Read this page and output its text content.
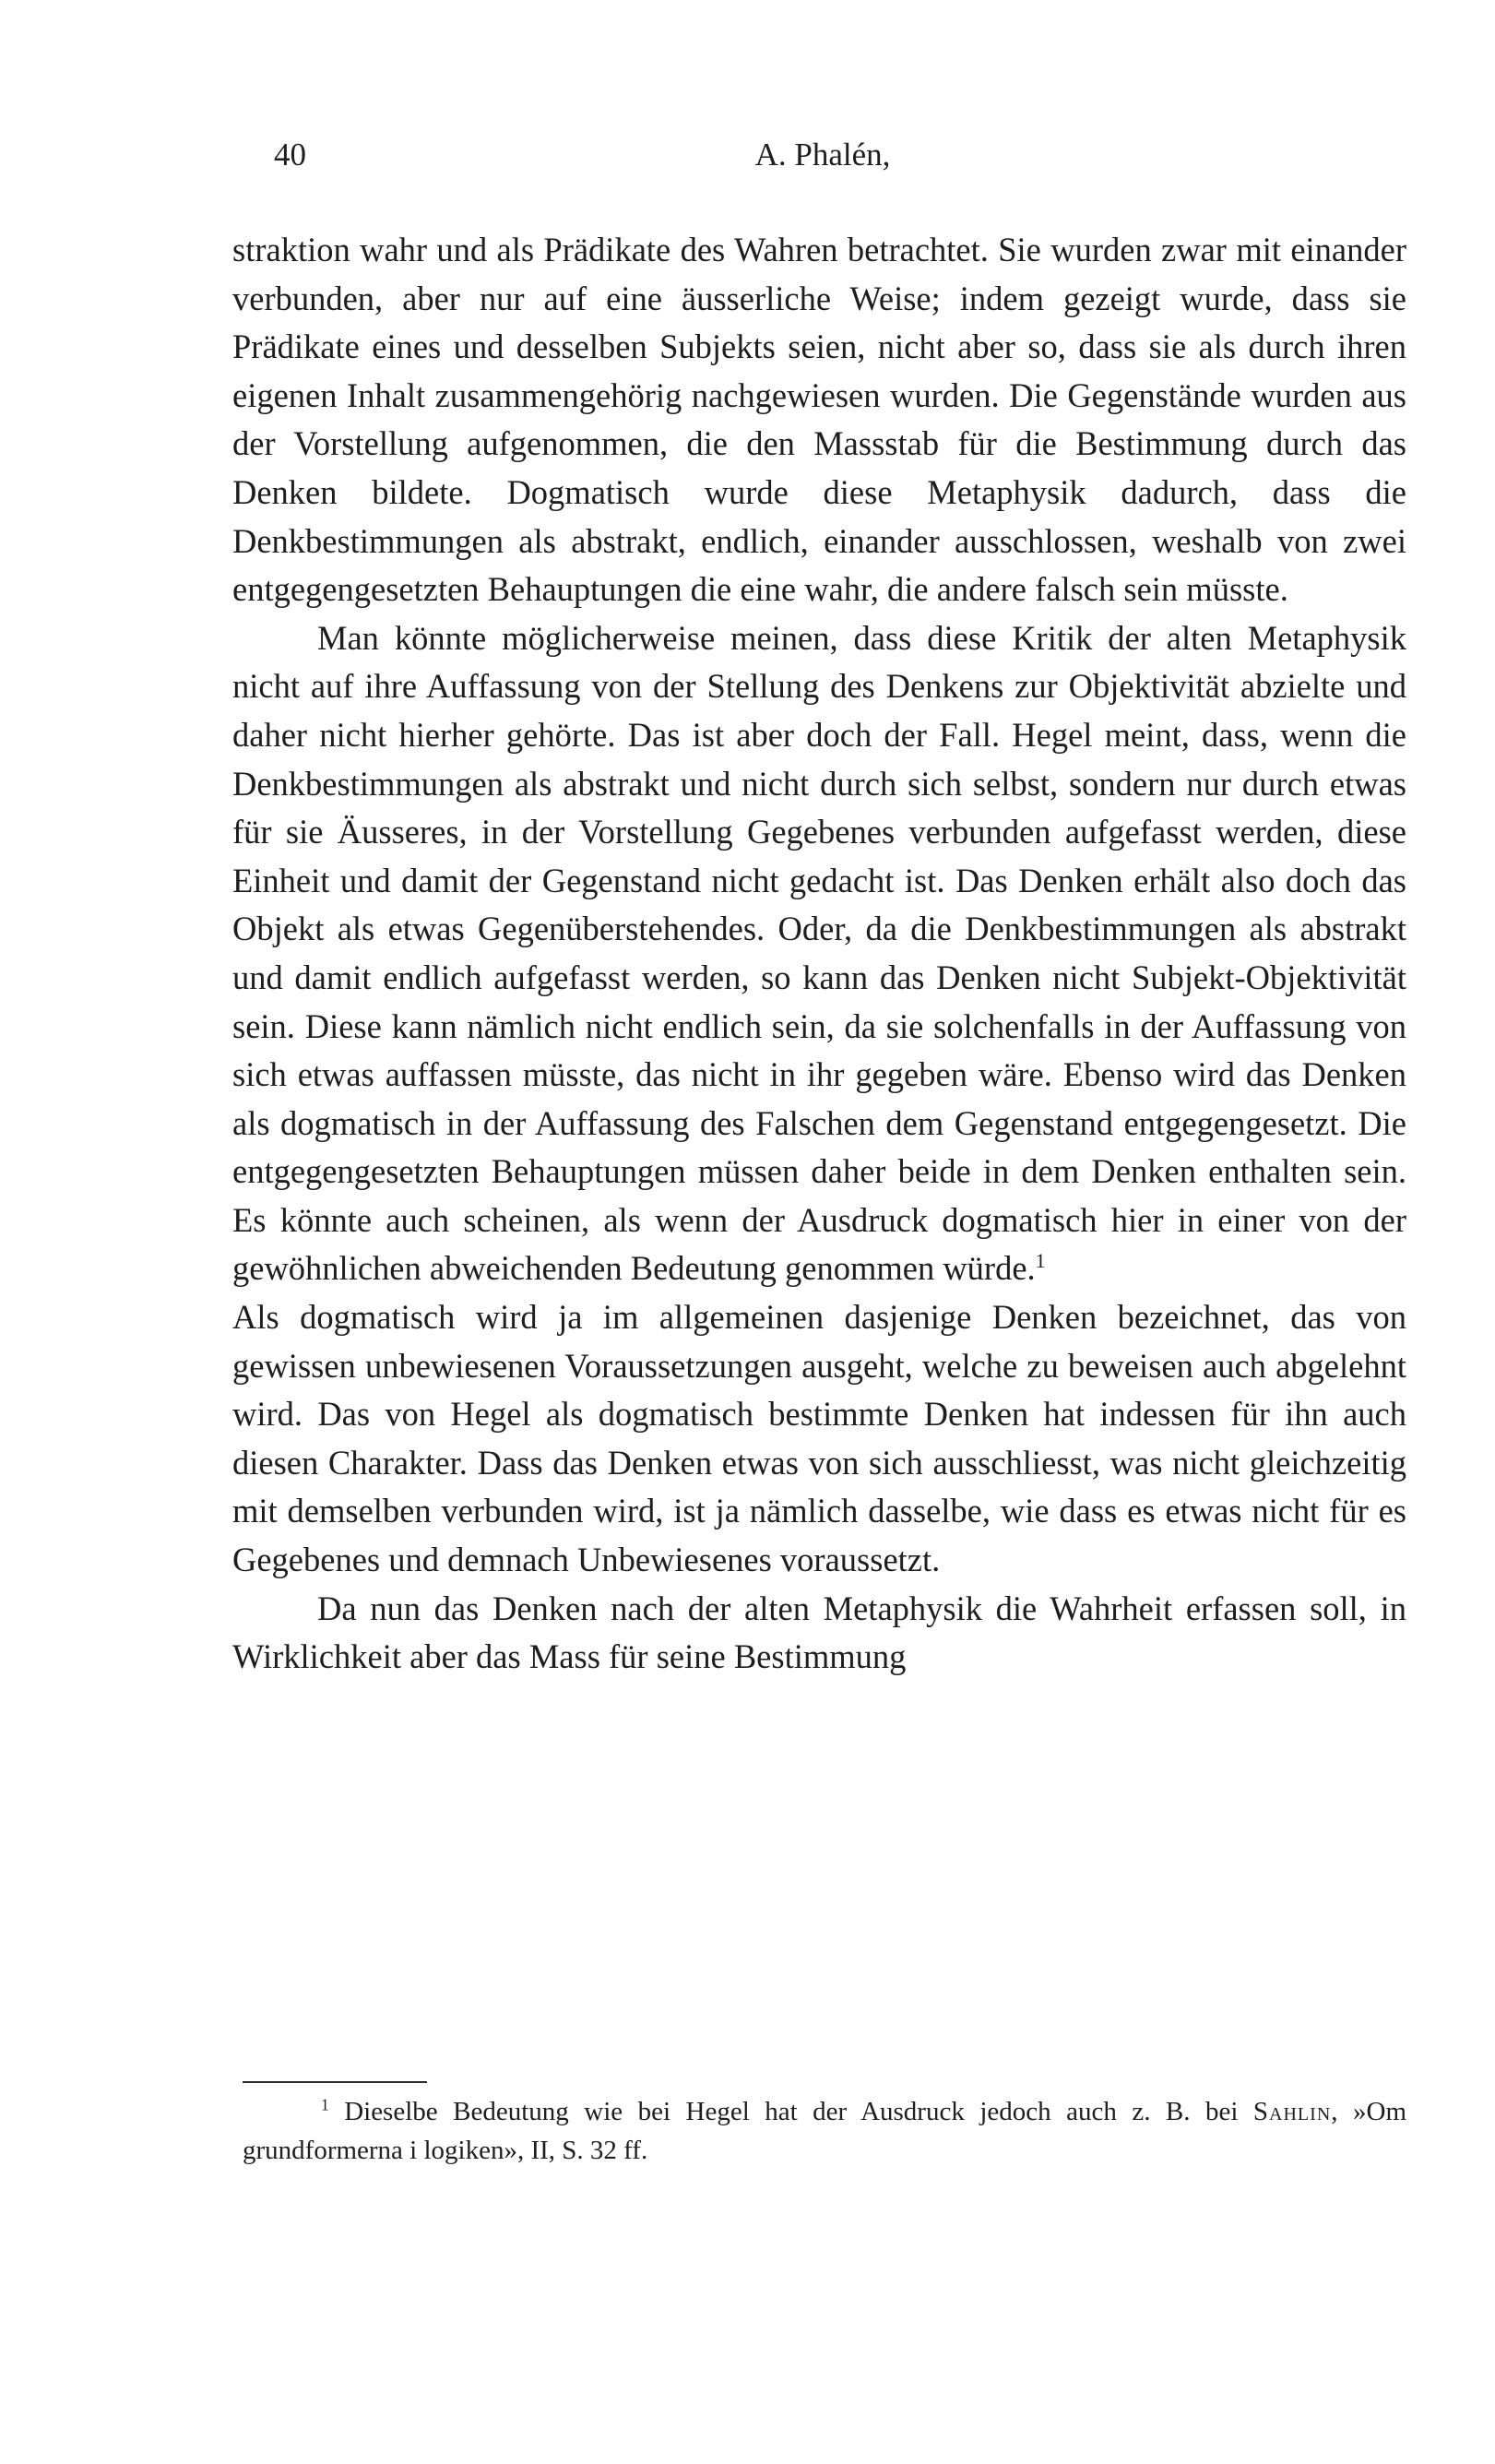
40	A. Phalén,

straktion wahr und als Prädikate des Wahren betrachtet. Sie wurden zwar mit einander verbunden, aber nur auf eine äusserliche Weise; indem gezeigt wurde, dass sie Prädikate eines und desselben Subjekts seien, nicht aber so, dass sie als durch ihren eigenen Inhalt zusammengehörig nachgewiesen wurden. Die Gegenstände wurden aus der Vorstellung aufgenommen, die den Massstab für die Bestimmung durch das Denken bildete. Dogmatisch wurde diese Metaphysik dadurch, dass die Denkbestimmungen als abstrakt, endlich, einander ausschlossen, weshalb von zwei entgegengesetzten Behauptungen die eine wahr, die andere falsch sein müsste.

Man könnte möglicherweise meinen, dass diese Kritik der alten Metaphysik nicht auf ihre Auffassung von der Stellung des Denkens zur Objektivität abzielte und daher nicht hierher gehörte. Das ist aber doch der Fall. Hegel meint, dass, wenn die Denkbestimmungen als abstrakt und nicht durch sich selbst, sondern nur durch etwas für sie Äusseres, in der Vorstellung Gegebenes verbunden aufgefasst werden, diese Einheit und damit der Gegenstand nicht gedacht ist. Das Denken erhält also doch das Objekt als etwas Gegenüberstehendes. Oder, da die Denkbestimmungen als abstrakt und damit endlich aufgefasst werden, so kann das Denken nicht Subjekt-Objektivität sein. Diese kann nämlich nicht endlich sein, da sie solchenfalls in der Auffassung von sich etwas auffassen müsste, das nicht in ihr gegeben wäre. Ebenso wird das Denken als dogmatisch in der Auffassung des Falschen dem Gegenstand entgegengesetzt. Die entgegengesetzten Behauptungen müssen daher beide in dem Denken enthalten sein. Es könnte auch scheinen, als wenn der Ausdruck dogmatisch hier in einer von der gewöhnlichen abweichenden Bedeutung genommen würde.$^1$

Als dogmatisch wird ja im allgemeinen dasjenige Denken bezeichnet, das von gewissen unbewiesenen Voraussetzungen ausgeht, welche zu beweisen auch abgelehnt wird. Das von Hegel als dogmatisch bestimmte Denken hat indessen für ihn auch diesen Charakter. Dass das Denken etwas von sich ausschliesst, was nicht gleichzeitig mit demselben verbunden wird, ist ja nämlich dasselbe, wie dass es etwas nicht für es Gegebenes und demnach Unbewiesenes voraussetzt.

Da nun das Denken nach der alten Metaphysik die Wahrheit erfassen soll, in Wirklichkeit aber das Mass für seine Bestimmung

$^1$ Dieselbe Bedeutung wie bei Hegel hat der Ausdruck jedoch auch z. B. bei Sahlin, »Om grundformerna i logiken», II, S. 32 ff.
